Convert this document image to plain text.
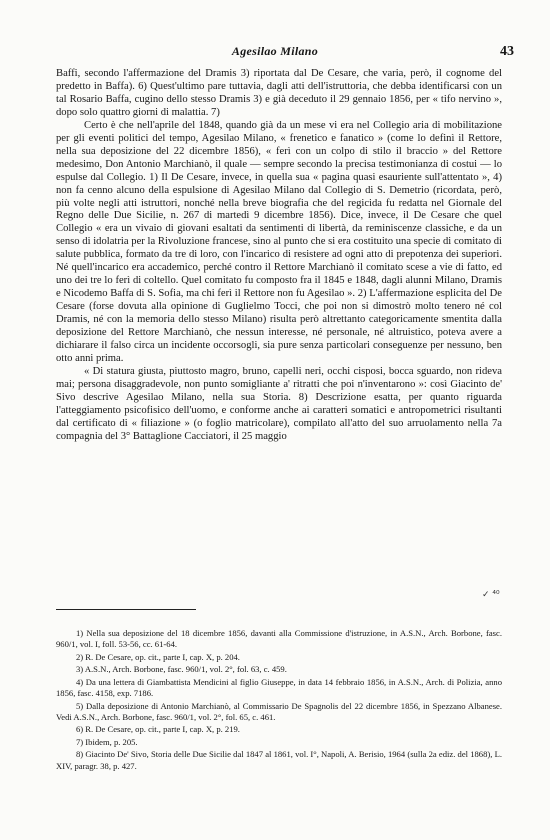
Agesilao Milano	43

Baffi, secondo l'affermazione del Dramis 3) riportata dal De Cesare, che varia, però, il cognome del predetto in Baffa). 6) Quest'ultimo pare tuttavia, dagli atti dell'istruttoria, che debba identificarsi con un tal Rosario Baffa, cugino dello stesso Dramis 3) e già deceduto il 29 gennaio 1856, per « tifo nervino », dopo solo quattro giorni di malattia. 7)

Certo è che nell'aprile del 1848, quando già da un mese vi era nel Collegio aria di mobilitazione per gli eventi politici del tempo, Agesilao Milano, « frenetico e fanatico » (come lo definì il Rettore, nella sua deposizione del 22 dicembre 1856), « ferì con un colpo di stilo il braccio » del Rettore medesimo, Don Antonio Marchianò, il quale — sempre secondo la precisa testimonianza di costui — lo espulse dal Collegio. 1) Il De Cesare, invece, in quella sua « pagina quasi esauriente sull'attentato », 4) non fa cenno alcuno della espulsione di Agesilao Milano dal Collegio di S. Demetrio (ricordata, però, più volte negli atti istruttori, nonché nella breve biografia che del regicida fu redatta nel Giornale del Regno delle Due Sicilie, n. 267 di martedì 9 dicembre 1856). Dice, invece, il De Cesare che quel Collegio « era un vivaio di giovani esaltati da sentimenti di libertà, da reminiscenze classiche, e da un senso di idolatria per la Rivoluzione francese, sino al punto che si era costituito una specie di comitato di salute pubblica, formato da tre di loro, con l'incarico di resistere ad ogni atto di prepotenza dei superiori. Né quell'incarico era accademico, perché contro il Rettore Marchianò il comitato scese a vie di fatto, ed uno dei tre lo ferì di coltello. Quel comitato fu composto fra il 1845 e 1848, dagli alunni Milano, Dramis e Nicodemo Baffa di S. Sofia, ma chi ferì il Rettore non fu Agesilao ». 2) L'affermazione esplicita del De Cesare (forse dovuta alla opinione di Guglielmo Tocci, che poi non si dimostrò molto tenero né col Dramis, né con la memoria dello stesso Milano) risulta però altrettanto categoricamente smentita dalla deposizione del Rettore Marchianò, che nessun interesse, né personale, né altruistico, poteva avere a dichiarare il falso circa un incidente occorsogli, sia pure senza particolari conseguenze per nessuno, ben otto anni prima.

« Di statura giusta, piuttosto magro, bruno, capelli neri, occhi cisposi, bocca sguardo, non rideva mai; persona disaggradevole, non punto somigliante a' ritratti che poi n'inventarono »: così Giacinto de' Sivo descrive Agesilao Milano, nella sua Storia. 8) Descrizione esatta, per quanto riguarda l'atteggiamento psicofisico dell'uomo, e conforme anche ai caratteri somatici e antropometrici risultanti dal certificato di « filiazione » (o foglio matricolare), compilato all'atto del suo arruolamento nella 7a compagnia del 3° Battaglione Cacciatori, il 25 maggio

✓ ⁴⁰

1) Nella sua deposizione del 18 dicembre 1856, davanti alla Commissione d'istruzione, in A.S.N., Arch. Borbone, fasc. 960/1, vol. I, foll. 53-56, cc. 61-64.

2) R. De Cesare, op. cit., parte I, cap. X, p. 204.

3) A.S.N., Arch. Borbone, fasc. 960/1, vol. 2°, fol. 63, c. 459.

4) Da una lettera di Giambattista Mendicini al figlio Giuseppe, in data 14 febbraio 1856, in A.S.N., Arch. di Polizia, anno 1856, fasc. 4158, exp. 7186.

5) Dalla deposizione di Antonio Marchianò, al Commissario De Spagnolis del 22 dicembre 1856, in Spezzano Albanese. Vedi A.S.N., Arch. Borbone, fasc. 960/1, vol. 2°, fol. 65, c. 461.

6) R. De Cesare, op. cit., parte I, cap. X, p. 219.

7) Ibidem, p. 205.

8) Giacinto De' Sivo, Storia delle Due Sicilie dal 1847 al 1861, vol. I°, Napoli, A. Berisio, 1964 (sulla 2a ediz. del 1868), L. XIV, paragr. 38, p. 427.
